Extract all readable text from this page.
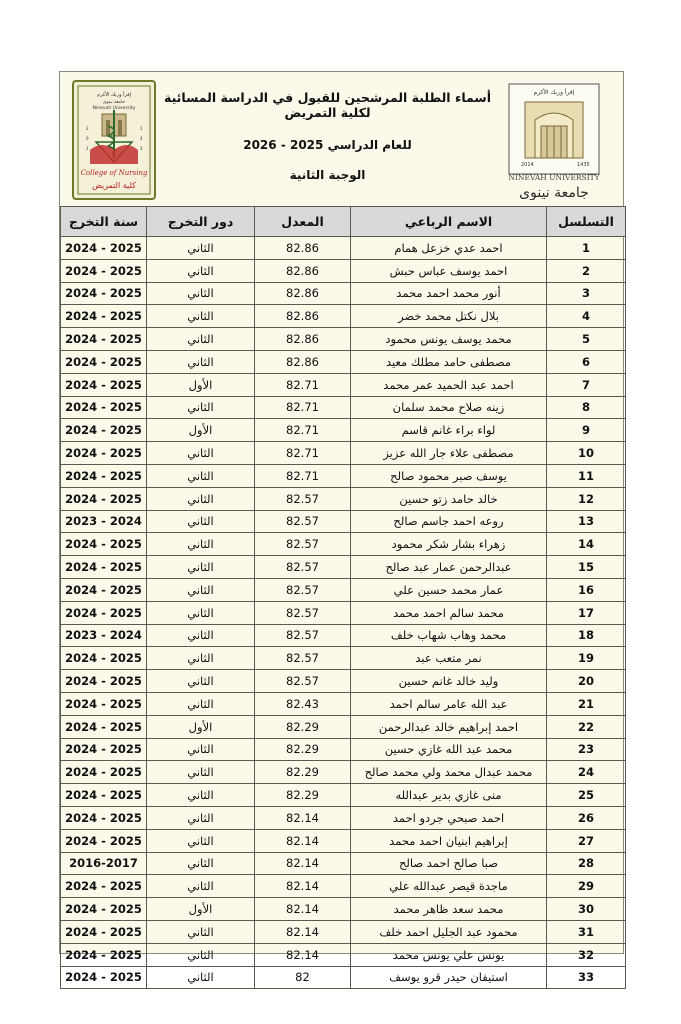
إقرأ وربك الأكرم
جامعة نينوى
Ninevah University
2
0
1
1
4
3
College of Nursing
كلية التمريض
أسماء الطلبة المرشحين للقبول في الدراسة المسائية لكلية التمريض
للعام الدراسي 2025 - 2026
الوجبة الثانية
إقرأ وربك الأكرم
2014	1435
NINEVAH UNIVERSITY
جامعة نينوى
التسلسل	الاسم الرباعي	المعدل	دور التخرج	سنة التخرج
1	احمد عدي خزعل همام	82.86	الثاني	2025 - 2024
2	احمد يوسف عباس حبش	82.86	الثاني	2025 - 2024
3	أنور محمد احمد محمد	82.86	الثاني	2025 - 2024
4	بلال نكتل محمد خضر	82.86	الثاني	2025 - 2024
5	محمد يوسف يونس محمود	82.86	الثاني	2025 - 2024
6	مصطفى حامد مطلك معيد	82.86	الثاني	2025 - 2024
7	احمد عبد الحميد عمر محمد	82.71	الأول	2025 - 2024
8	زينه صلاح محمد سلمان	82.71	الثاني	2025 - 2024
9	لواء براء غانم قاسم	82.71	الأول	2025 - 2024
10	مصطفى علاء جار الله عزيز	82.71	الثاني	2025 - 2024
11	يوسف صبر محمود صالح	82.71	الثاني	2025 - 2024
12	خالد حامد زتو حسين	82.57	الثاني	2025 - 2024
13	روعه احمد جاسم صالح	82.57	الثاني	2024 - 2023
14	زهراء بشار شكر محمود	82.57	الثاني	2025 - 2024
15	عبدالرحمن عمار عبد صالح	82.57	الثاني	2025 - 2024
16	عمار محمد حسين علي	82.57	الثاني	2025 - 2024
17	محمد سالم احمد محمد	82.57	الثاني	2025 - 2024
18	محمد وهاب شهاب خلف	82.57	الثاني	2024 - 2023
19	نمر متعب عبد	82.57	الثاني	2025 - 2024
20	وليد خالد غانم حسين	82.57	الثاني	2025 - 2024
21	عبد الله عامر سالم احمد	82.43	الثاني	2025 - 2024
22	احمد إبراهيم خالد عبدالرحمن	82.29	الأول	2025 - 2024
23	محمد عبد الله غازي حسين	82.29	الثاني	2025 - 2024
24	محمد عبدال محمد ولي محمد صالح	82.29	الثاني	2025 - 2024
25	منى غازي بدير عبدالله	82.29	الثاني	2025 - 2024
26	احمد صبحي جردو احمد	82.14	الثاني	2025 - 2024
27	إبراهيم ابنيان احمد محمد	82.14	الثاني	2025 - 2024
28	صبا صالح احمد صالح	82.14	الثاني	2016-2017
29	ماجدة قيصر عبدالله علي	82.14	الثاني	2025 - 2024
30	محمد سعد ظاهر محمد	82.14	الأول	2025 - 2024
31	محمود عبد الجليل احمد خلف	82.14	الثاني	2025 - 2024
32	يونس علي يونس محمد	82.14	الثاني	2025 - 2024
33	استيفان حيدر قرو يوسف	82	الثاني	2025 - 2024
